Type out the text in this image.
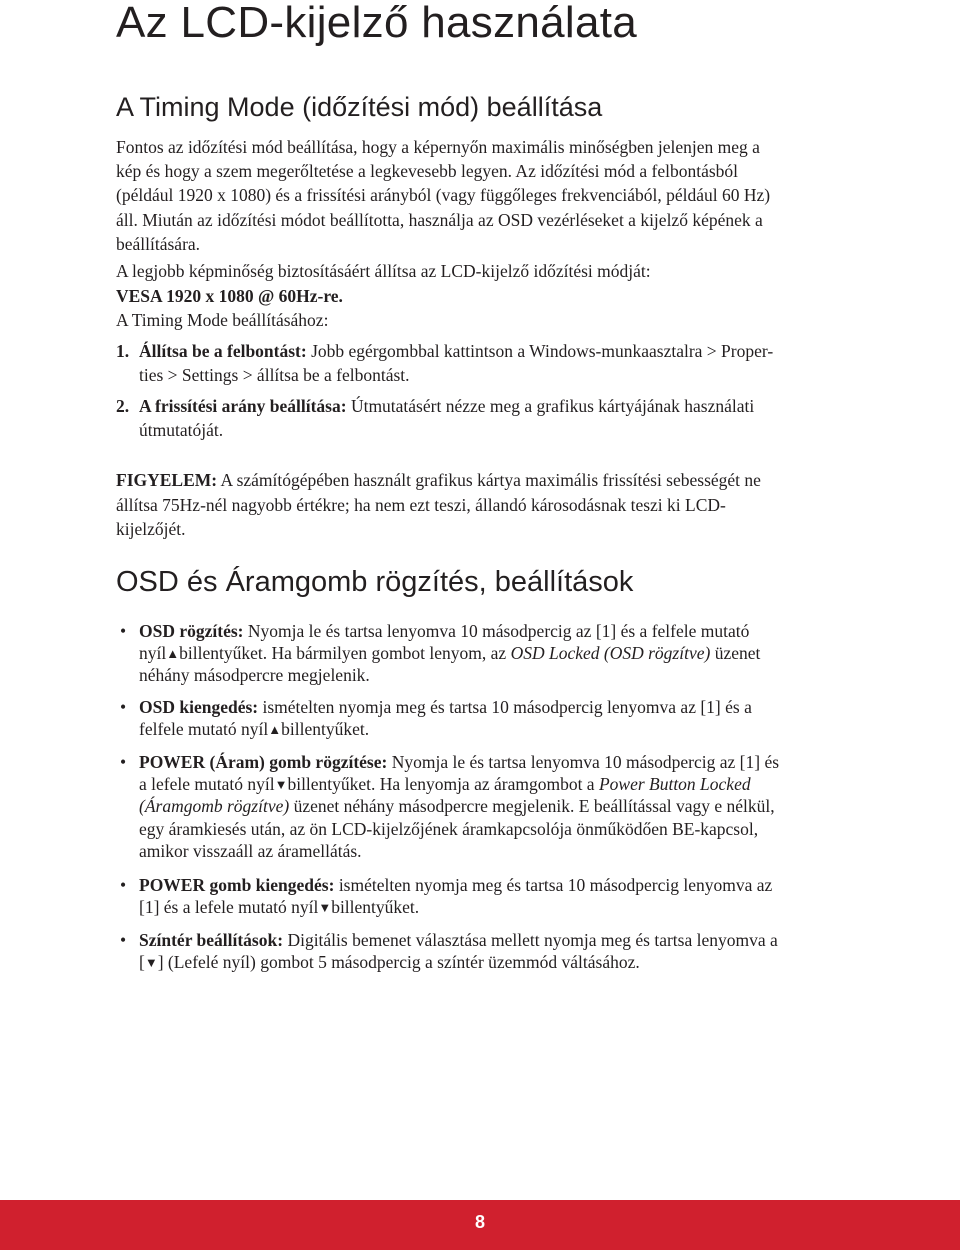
Az LCD-kijelző használata
A Timing Mode (időzítési mód) beállítása
Fontos az időzítési mód beállítása, hogy a képernyőn maximális minőségben jelenjen meg a
kép és hogy a szem megerőltetése a legkevesebb legyen. Az időzítési mód a felbontásból
(például 1920 x 1080) és a frissítési arányból (vagy függőleges frekvenciából, például 60 Hz)
áll. Miután az időzítési módot beállította, használja az OSD vezérléseket a kijelző képének a
beállítására.
A legjobb képminőség biztosításáért állítsa az LCD-kijelző időzítési módját:
VESA 1920 x 1080 @ 60Hz-re.
A Timing Mode beállításához:
1. Állítsa be a felbontást: Jobb egérgombbal kattintson a Windows-munkaasztalra > Proper-
ties > Settings > állítsa be a felbontást.
2. A frissítési arány beállítása: Útmutatásért nézze meg a grafikus kártyájának használati
útmutatóját.
FIGYELEM: A számítógépében használt grafikus kártya maximális frissítési sebességét ne
állítsa 75Hz-nél nagyobb értékre; ha nem ezt teszi, állandó károsodásnak teszi ki LCD-
kijelzőjét.
OSD és Áramgomb rögzítés, beállítások
• OSD rögzítés: Nyomja le és tartsa lenyomva 10 másodpercig az [1] és a felfele mutató
nyíl▲billentyűket. Ha bármilyen gombot lenyom, az OSD Locked (OSD rögzítve) üzenet
néhány másodpercre megjelenik.
• OSD kiengedés: ismételten nyomja meg és tartsa 10 másodpercig lenyomva az [1] és a
felfele mutató nyíl▲billentyűket.
• POWER (Áram) gomb rögzítése: Nyomja le és tartsa lenyomva 10 másodpercig az [1] és
a lefele mutató nyíl▼billentyűket. Ha lenyomja az áramgombot a Power Button Locked
(Áramgomb rögzítve) üzenet néhány másodpercre megjelenik. E beállítással vagy e nélkül,
egy áramkiesés után, az ön LCD-kijelzőjének áramkapcsolója önműködően BE-kapcsol,
amikor visszaáll az áramellátás.
• POWER gomb kiengedés: ismételten nyomja meg és tartsa 10 másodpercig lenyomva az
[1] és a lefele mutató nyíl▼billentyűket.
• Színtér beállítások: Digitális bemenet választása mellett nyomja meg és tartsa lenyomva a
[▼] (Lefelé nyíl) gombot 5 másodpercig a színtér üzemmód váltásához.
8
